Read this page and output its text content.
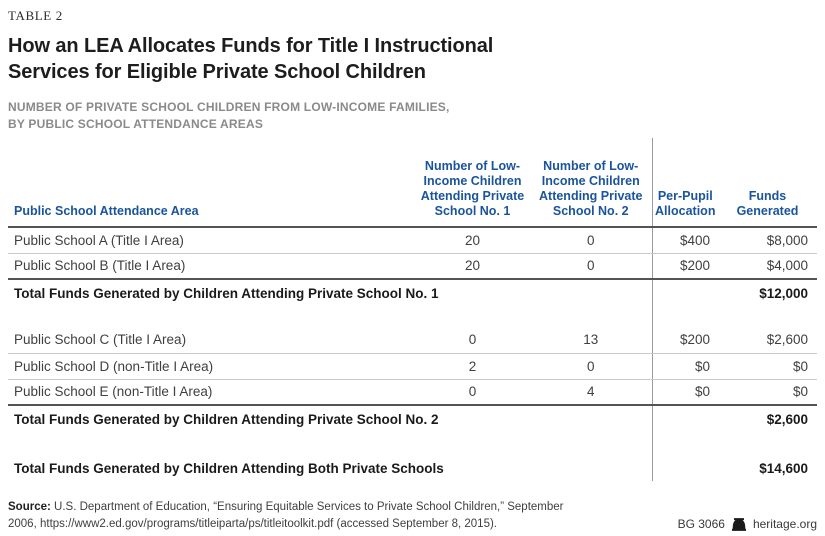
TABLE 2
How an LEA Allocates Funds for Title I Instructional Services for Eligible Private School Children
NUMBER OF PRIVATE SCHOOL CHILDREN FROM LOW-INCOME FAMILIES,
BY PUBLIC SCHOOL ATTENDANCE AREAS
Public School Attendance Area	Number of Low-Income Children Attending Private School No. 1	Number of Low-Income Children Attending Private School No. 2	Per-Pupil Allocation	Funds Generated
Public School A (Title I Area)	20	0	$400	$8,000
Public School B (Title I Area)	20	0	$200	$4,000
Total Funds Generated by Children Attending Private School No. 1				$12,000

Public School C (Title I Area)	0	13	$200	$2,600
Public School D (non-Title I Area)	2	0	$0	$0
Public School E (non-Title I Area)	0	4	$0	$0
Total Funds Generated by Children Attending Private School No. 2				$2,600

Total Funds Generated by Children Attending Both Private Schools				$14,600
Source: U.S. Department of Education, “Ensuring Equitable Services to Private School Children,” September
2006, https://www2.ed.gov/programs/titleiparta/ps/titleitoolkit.pdf (accessed September 8, 2015).	BG 3066 heritage.org
